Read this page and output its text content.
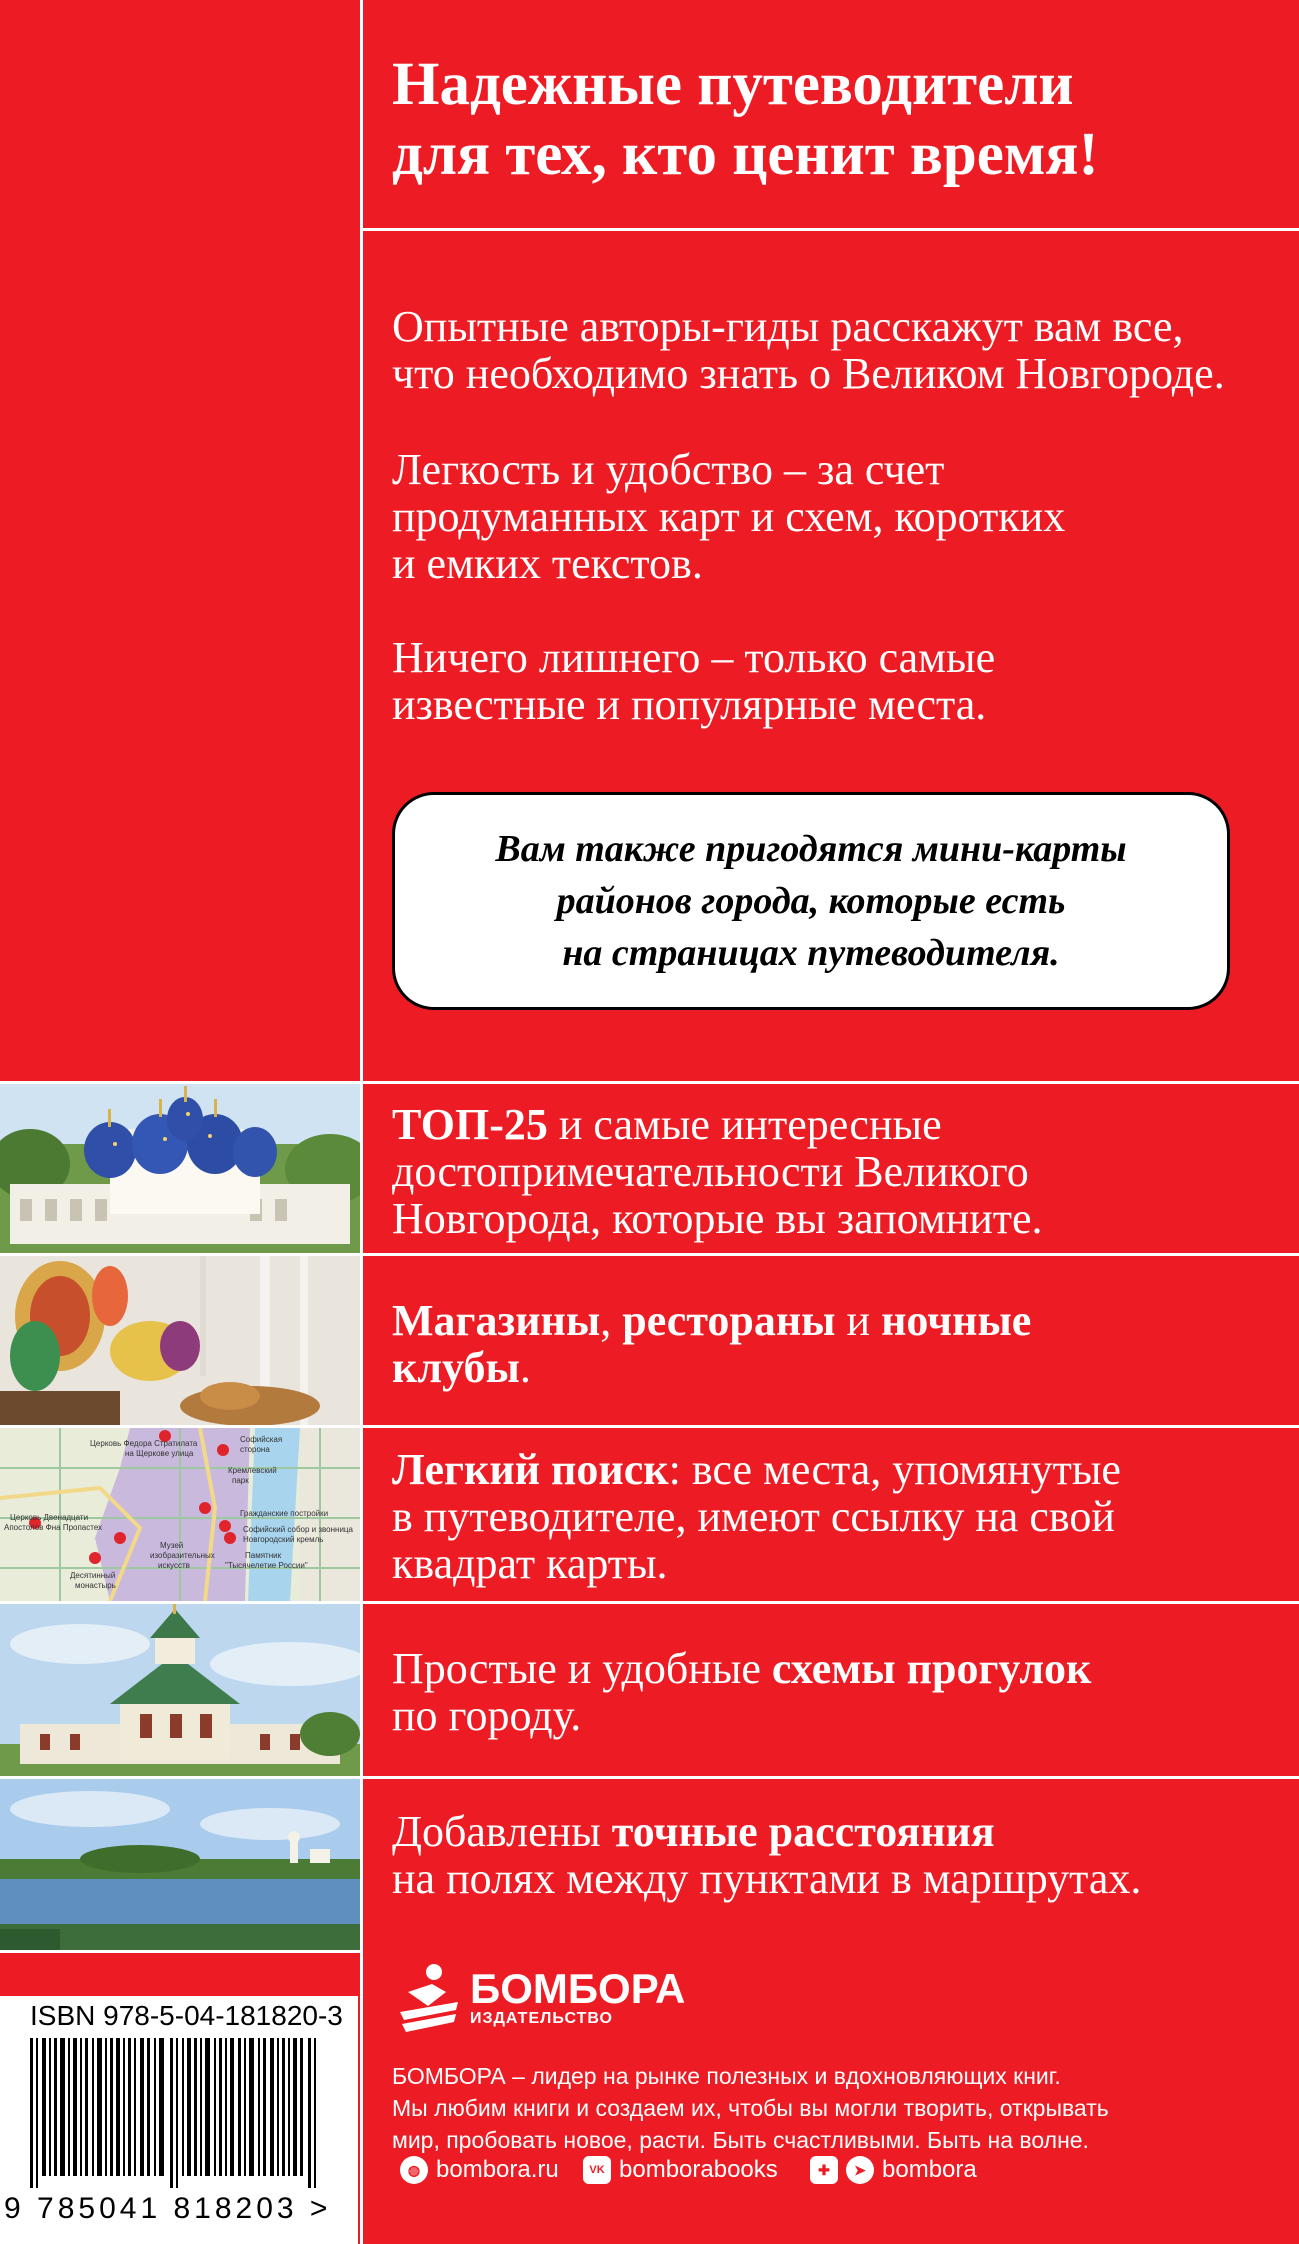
Надежные путеводители
для тех, кто ценит время!

Опытные авторы-гиды расскажут вам все,
что необходимо знать о Великом Новгороде.

Легкость и удобство – за счет
продуманных карт и схем, коротких
и емких текстов.

Ничего лишнего – только самые
известные и популярные места.

Вам также пригодятся мини-карты
районов города, которые есть
на страницах путеводителя.
Церковь Федора Стратилата
на Щеркове улица
Софийская
сторона
Кремлевский
парк
Гражданские постройки
Церковь Двенадцати
Апостолов Фна Пропастех	Софийский собор и звонница
Новгородский кремль
Музей
изобразительных
искусств
Памятник
"Тысячелетие России"
Десятинный
монастырь

ТОП-25 и самые интересные
достопримечательности Великого
Новгорода, которые вы запомните.

Магазины, рестораны и ночные
клубы.

Легкий поиск: все места, упомянутые
в путеводителе, имеют ссылку на свой
квадрат карты.

Простые и удобные схемы прогулок
по городу.

Добавлены точные расстояния
на полях между пунктами в маршрутах.

ISBN 978-5-04-181820-3
9 785041 818203 >
БОМБОРА
ИЗДАТЕЛЬСТВО

БОМБОРА – лидер на рынке полезных и вдохновляющих книг.
Мы любим книги и создаем их, чтобы вы могли творить, открывать
мир, пробовать новое, расти. Быть счастливыми. Быть на волне.

◍ bombora.ru	VK bomborabooks	✚	➤ bombora
